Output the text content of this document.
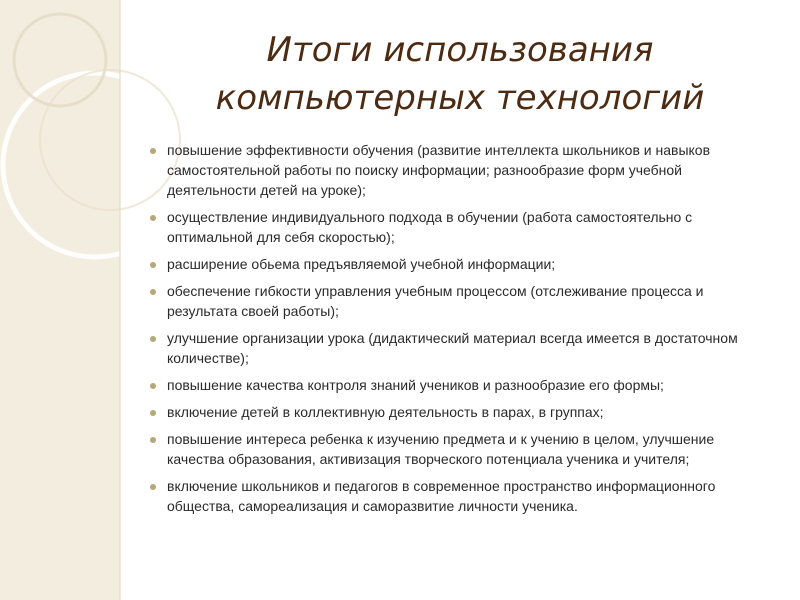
Итоги использования
компьютерных технологий
повышение эффективности обучения (развитие интеллекта школьников и навыков самостоятельной работы по поиску информации; разнообразие форм учебной деятельности детей на уроке);
осуществление индивидуального подхода в обучении (работа самостоятельно с оптимальной для себя скоростью);
расширение обьема предъявляемой учебной информации;
обеспечение гибкости управления учебным процессом (отслеживание процесса и результата своей работы);
улучшение организации урока (дидактический материал всегда имеется в достаточном количестве);
повышение качества контроля знаний учеников и разнообразие его формы;
включение детей в коллективную деятельность в парах, в группах;
повышение интереса ребенка к изучению предмета и к учению в целом, улучшение качества образования, активизация творческого потенциала ученика и учителя;
включение школьников и педагогов в современное пространство информационного общества, самореализация и саморазвитие личности ученика.
